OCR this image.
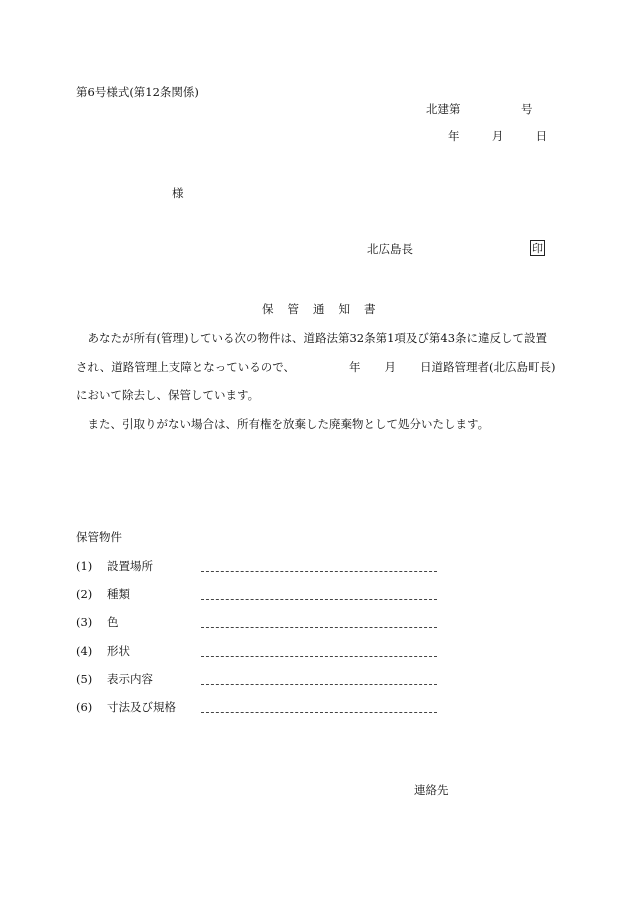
第6号様式(第12条関係)
北建第	号
年	月	日
様
北広島長	印
保 管 通 知 書
　あなたが所有(管理)している次の物件は、道路法第32条第1項及び第43条に違反して設置
され、道路管理上支障となっているので、	年 月 日道路管理者(北広島町長)
において除去し、保管しています。
　また、引取りがない場合は、所有権を放棄した廃棄物として処分いたします。
保管物件
(1) 設置場所
(2) 種類
(3) 色
(4) 形状
(5) 表示内容
(6) 寸法及び規格
連絡先
